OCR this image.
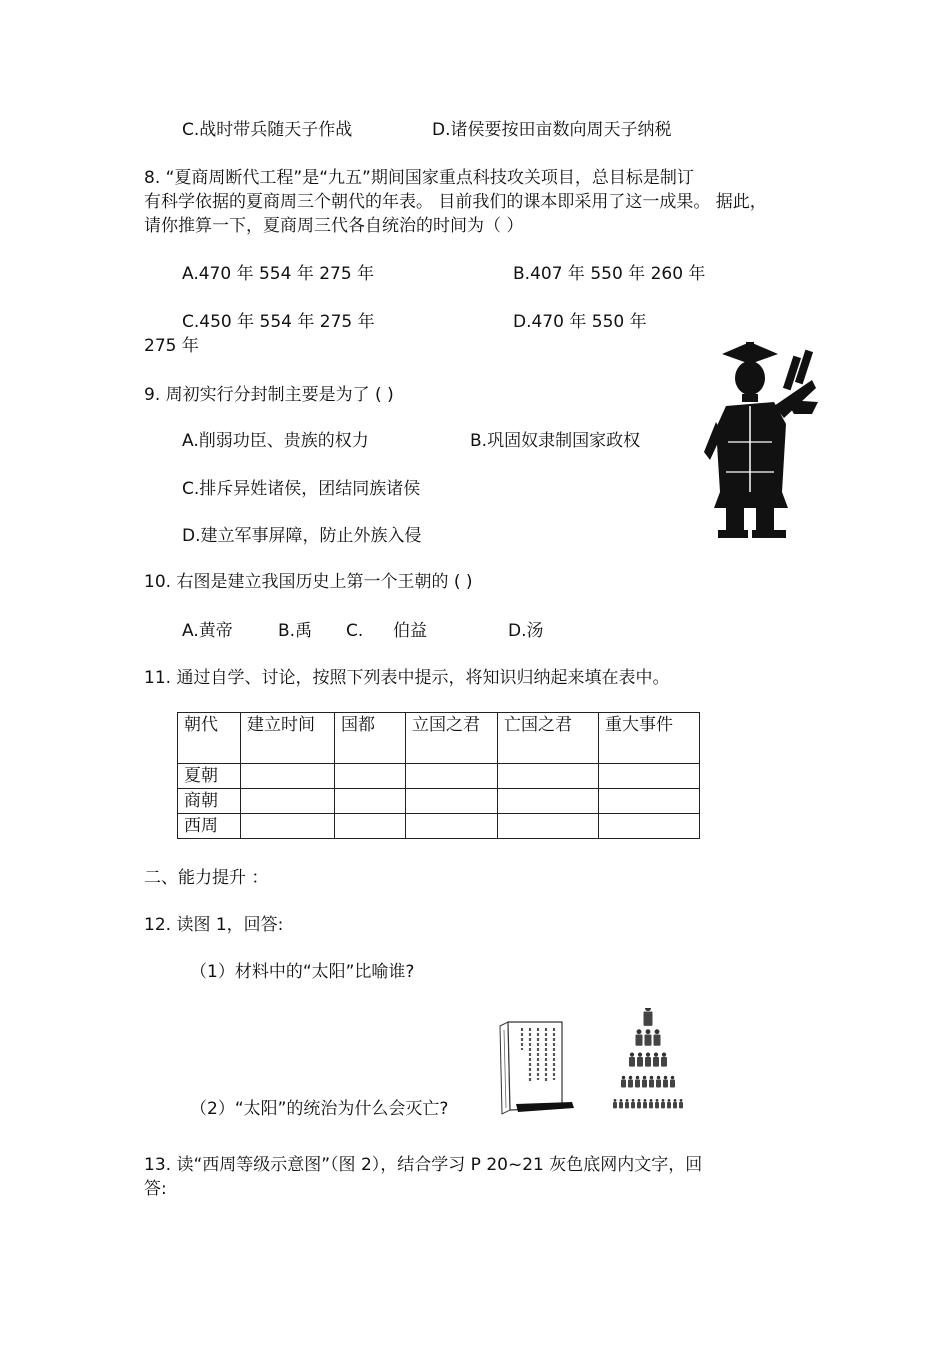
C.战时带兵随天子作战	D.诸侯要按田亩数向周天子纳税
8. “夏商周断代工程”是“九五”期间国家重点科技攻关项目，总目标是制订
有科学依据的夏商周三个朝代的年表。 目前我们的课本即采用了这一成果。 据此，
请你推算一下，夏商周三代各自统治的时间为（ ）
A.470 年 554 年 275 年	B.407 年 550 年 260 年
C.450 年 554 年 275 年	D.470 年 550 年
275 年
9. 周初实行分封制主要是为了 ( )
A.削弱功臣、贵族的权力	B.巩固奴隶制国家政权
C.排斥异姓诸侯，团结同族诸侯
D.建立军事屏障，防止外族入侵
10. 右图是建立我国历史上第一个王朝的 ( )
A.黄帝	B.禹 C. 伯益	D.汤
11. 通过自学、讨论，按照下列表中提示，将知识归纳起来填在表中。
朝代	建立时间	国都	立国之君	亡国之君	重大事件
夏朝					
商朝					
西周					
二、能力提升 ：
12. 读图 1，回答:
（1）材料中的“太阳”比喻谁?
（2）“太阳”的统治为什么会灭亡?
13. 读“西周等级示意图”（图 2），结合学习 P 20~21 灰色底网内文字，回
答:
